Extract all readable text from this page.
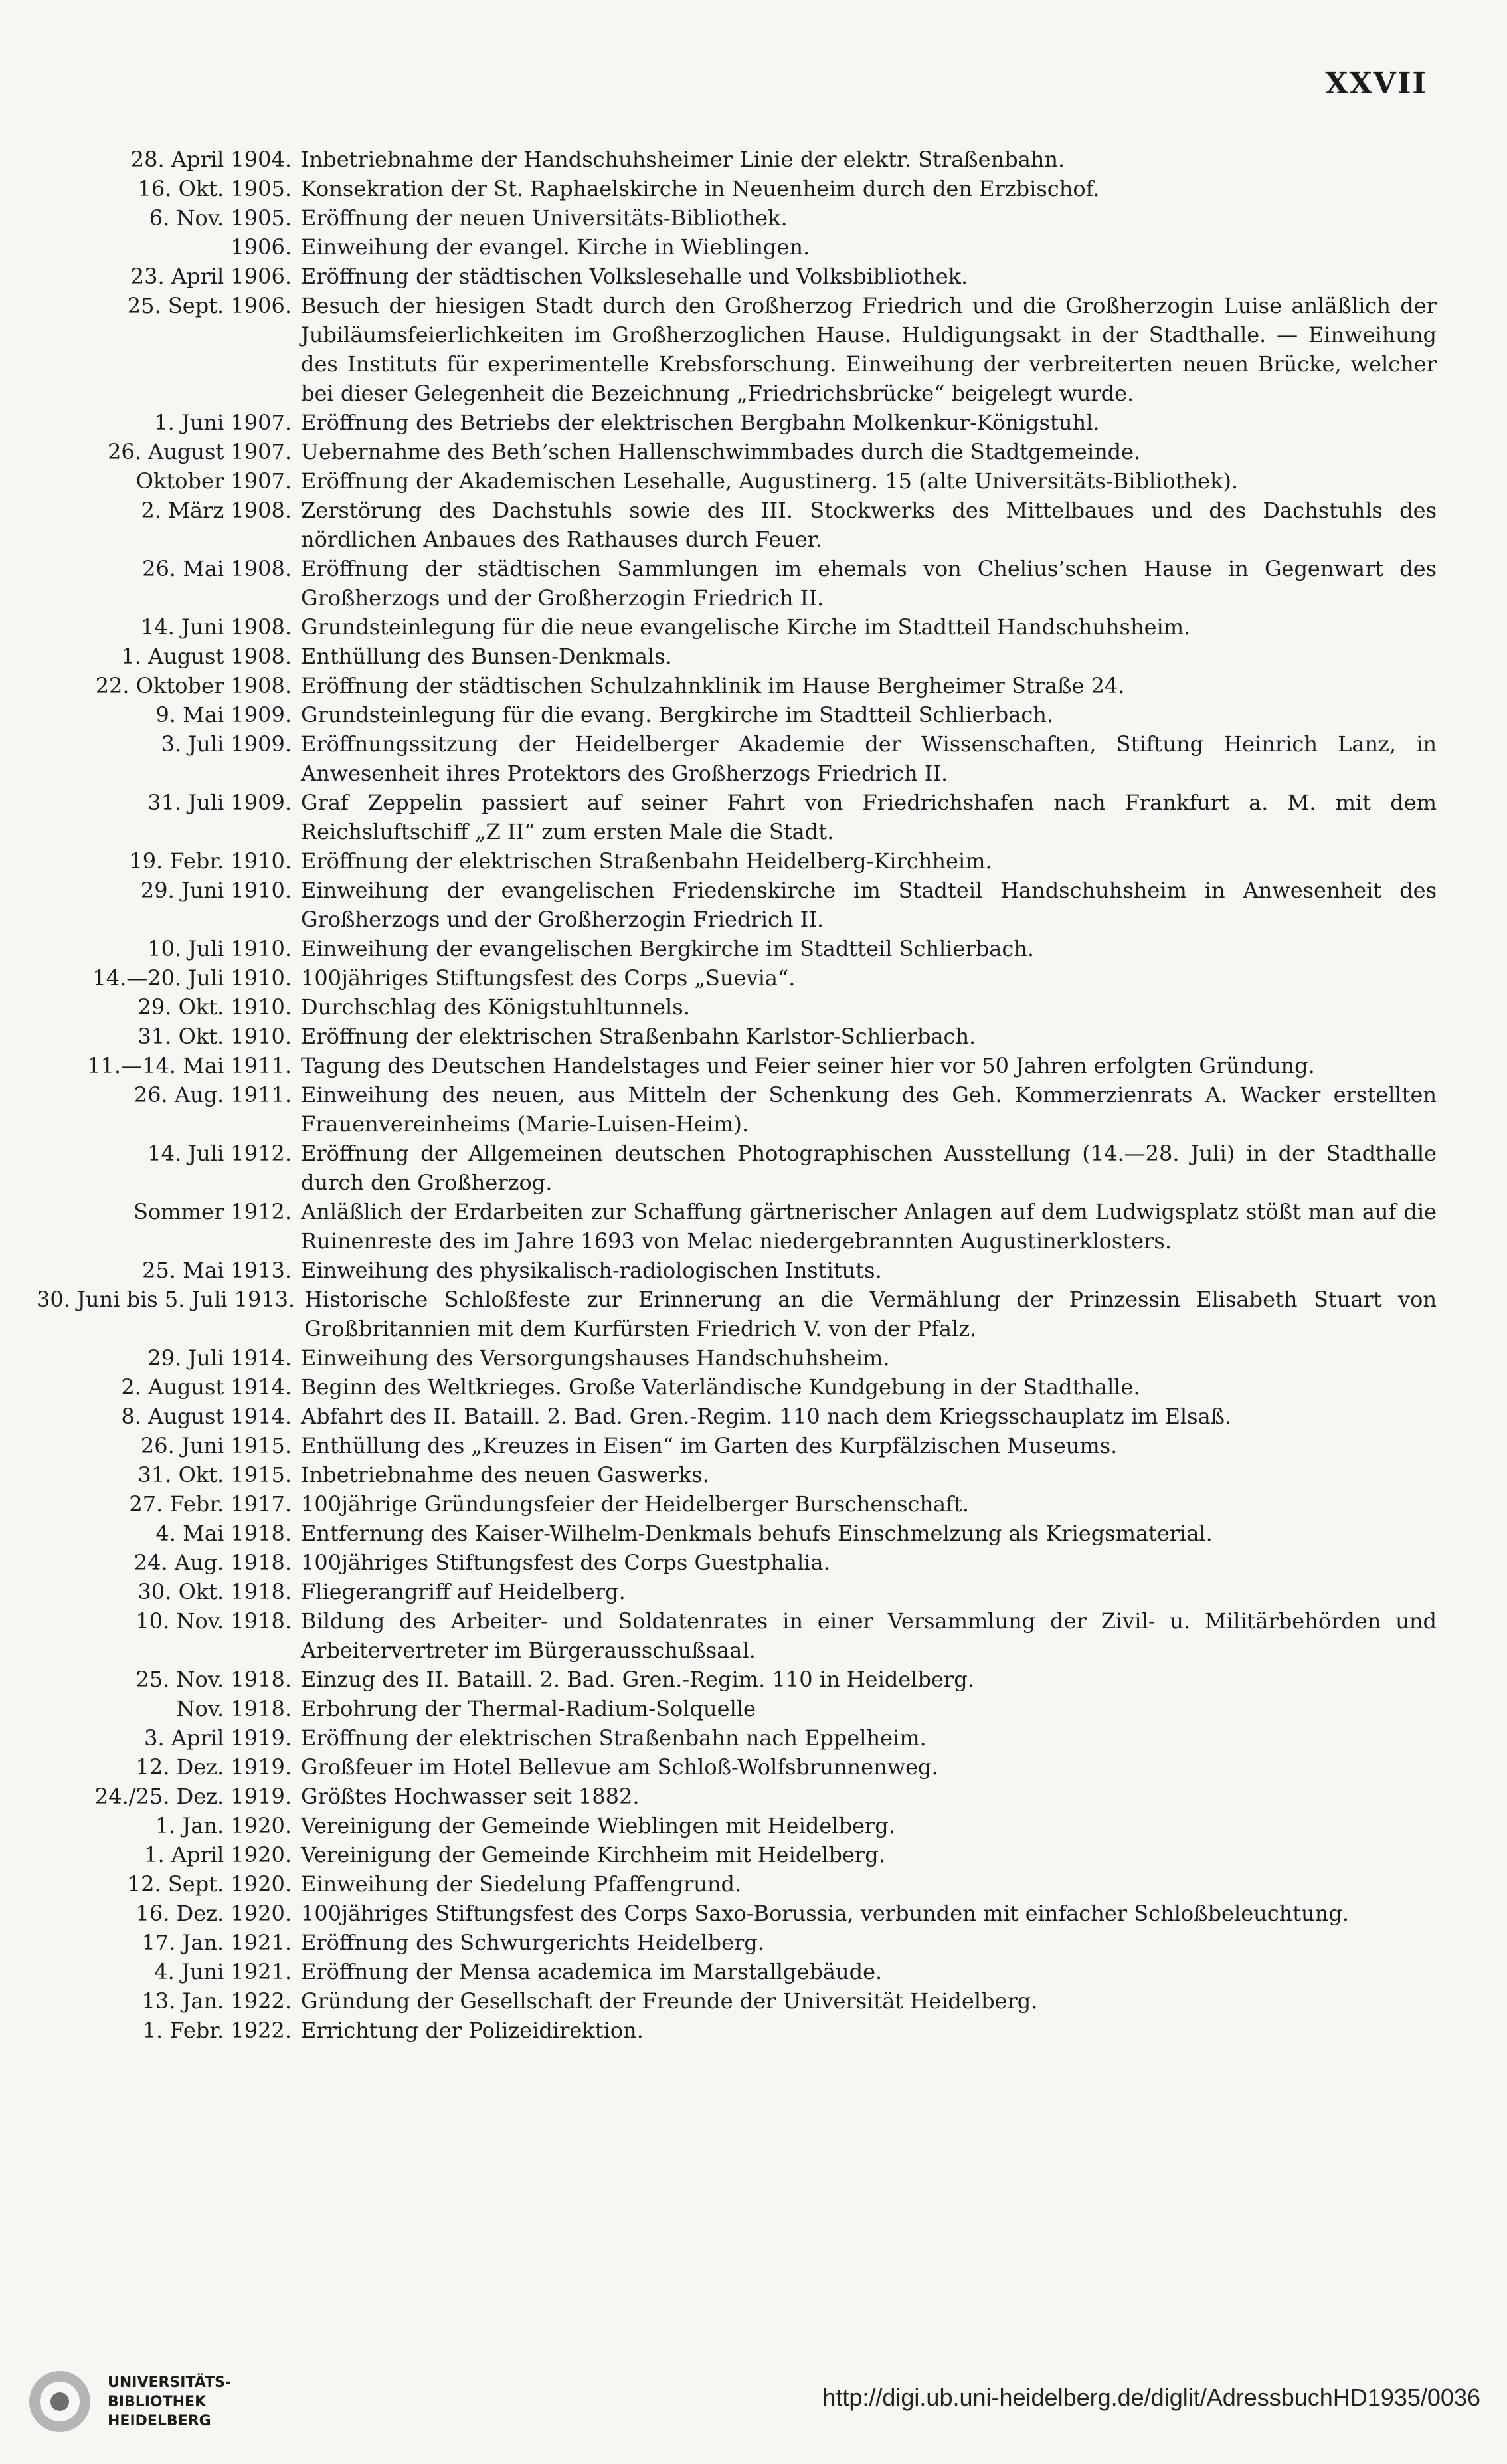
XXVII
28. April 1904. Inbetriebnahme der Handschuhsheimer Linie der elektr. Straßenbahn.
16. Okt. 1905. Konsekration der St. Raphaelskirche in Neuenheim durch den Erzbischof.
6. Nov. 1905. Eröffnung der neuen Universitäts-Bibliothek.
1906. Einweihung der evangel. Kirche in Wieblingen.
23. April 1906. Eröffnung der städtischen Volkslesehalle und Volksbibliothek.
25. Sept. 1906. Besuch der hiesigen Stadt durch den Großherzog Friedrich und die Großherzogin Luise anläßlich der Jubiläumsfeierlichkeiten im Großherzoglichen Hause. Huldigungsakt in der Stadthalle. — Einweihung des Instituts für experimentelle Krebsforschung. Einweihung der verbreiterten neuen Brücke, welcher bei dieser Gelegenheit die Bezeichnung „Friedrichsbrücke“ beigelegt wurde.
1. Juni 1907. Eröffnung des Betriebs der elektrischen Bergbahn Molkenkur-Königstuhl.
26. August 1907. Uebernahme des Beth’schen Hallenschwimmbades durch die Stadtgemeinde.
Oktober 1907. Eröffnung der Akademischen Lesehalle, Augustinerg. 15 (alte Universitäts-Bibliothek).
2. März 1908. Zerstörung des Dachstuhls sowie des III. Stockwerks des Mittelbaues und des Dachstuhls des nördlichen Anbaues des Rathauses durch Feuer.
26. Mai 1908. Eröffnung der städtischen Sammlungen im ehemals von Chelius’schen Hause in Gegenwart des Großherzogs und der Großherzogin Friedrich II.
14. Juni 1908. Grundsteinlegung für die neue evangelische Kirche im Stadtteil Handschuhsheim.
1. August 1908. Enthüllung des Bunsen-Denkmals.
22. Oktober 1908. Eröffnung der städtischen Schulzahnklinik im Hause Bergheimer Straße 24.
9. Mai 1909. Grundsteinlegung für die evang. Bergkirche im Stadtteil Schlierbach.
3. Juli 1909. Eröffnungssitzung der Heidelberger Akademie der Wissenschaften, Stiftung Heinrich Lanz, in Anwesenheit ihres Protektors des Großherzogs Friedrich II.
31. Juli 1909. Graf Zeppelin passiert auf seiner Fahrt von Friedrichshafen nach Frankfurt a. M. mit dem Reichsluftschiff „Z II“ zum ersten Male die Stadt.
19. Febr. 1910. Eröffnung der elektrischen Straßenbahn Heidelberg-Kirchheim.
29. Juni 1910. Einweihung der evangelischen Friedenskirche im Stadteil Handschuhsheim in Anwesenheit des Großherzogs und der Großherzogin Friedrich II.
10. Juli 1910. Einweihung der evangelischen Bergkirche im Stadtteil Schlierbach.
14.—20. Juli 1910. 100jähriges Stiftungsfest des Corps „Suevia“.
29. Okt. 1910. Durchschlag des Königstuhltunnels.
31. Okt. 1910. Eröffnung der elektrischen Straßenbahn Karlstor-Schlierbach.
11.—14. Mai 1911. Tagung des Deutschen Handelstages und Feier seiner hier vor 50 Jahren erfolgten Gründung.
26. Aug. 1911. Einweihung des neuen, aus Mitteln der Schenkung des Geh. Kommerzienrats A. Wacker erstellten Frauenvereinheims (Marie-Luisen-Heim).
14. Juli 1912. Eröffnung der Allgemeinen deutschen Photographischen Ausstellung (14.—28. Juli) in der Stadthalle durch den Großherzog.
Sommer 1912. Anläßlich der Erdarbeiten zur Schaffung gärtnerischer Anlagen auf dem Ludwigsplatz stößt man auf die Ruinenreste des im Jahre 1693 von Melac niedergebrannten Augustinerklosters.
25. Mai 1913. Einweihung des physikalisch-radiologischen Instituts.
30. Juni bis 5. Juli 1913. Historische Schloßfeste zur Erinnerung an die Vermählung der Prinzessin Elisabeth Stuart von Großbritannien mit dem Kurfürsten Friedrich V. von der Pfalz.
29. Juli 1914. Einweihung des Versorgungshauses Handschuhsheim.
2. August 1914. Beginn des Weltkrieges. Große Vaterländische Kundgebung in der Stadthalle.
8. August 1914. Abfahrt des II. Bataill. 2. Bad. Gren.-Regim. 110 nach dem Kriegsschauplatz im Elsaß.
26. Juni 1915. Enthüllung des „Kreuzes in Eisen“ im Garten des Kurpfälzischen Museums.
31. Okt. 1915. Inbetriebnahme des neuen Gaswerks.
27. Febr. 1917. 100jährige Gründungsfeier der Heidelberger Burschenschaft.
4. Mai 1918. Entfernung des Kaiser-Wilhelm-Denkmals behufs Einschmelzung als Kriegsmaterial.
24. Aug. 1918. 100jähriges Stiftungsfest des Corps Guestphalia.
30. Okt. 1918. Fliegerangriff auf Heidelberg.
10. Nov. 1918. Bildung des Arbeiter- und Soldatenrates in einer Versammlung der Zivil- u. Militärbehörden und Arbeitervertreter im Bürgerausschußsaal.
25. Nov. 1918. Einzug des II. Bataill. 2. Bad. Gren.-Regim. 110 in Heidelberg.
Nov. 1918. Erbohrung der Thermal-Radium-Solquelle
3. April 1919. Eröffnung der elektrischen Straßenbahn nach Eppelheim.
12. Dez. 1919. Großfeuer im Hotel Bellevue am Schloß-Wolfsbrunnenweg.
24./25. Dez. 1919. Größtes Hochwasser seit 1882.
1. Jan. 1920. Vereinigung der Gemeinde Wieblingen mit Heidelberg.
1. April 1920. Vereinigung der Gemeinde Kirchheim mit Heidelberg.
12. Sept. 1920. Einweihung der Siedelung Pfaffengrund.
16. Dez. 1920. 100jähriges Stiftungsfest des Corps Saxo-Borussia, verbunden mit einfacher Schloßbeleuchtung.
17. Jan. 1921. Eröffnung des Schwurgerichts Heidelberg.
4. Juni 1921. Eröffnung der Mensa academica im Marstallgebäude.
13. Jan. 1922. Gründung der Gesellschaft der Freunde der Universität Heidelberg.
1. Febr. 1922. Errichtung der Polizeidirektion.
UNIVERSITÄTS-
BIBLIOTHEK
HEIDELBERG
http://digi.ub.uni-heidelberg.de/diglit/AdressbuchHD1935/0036
